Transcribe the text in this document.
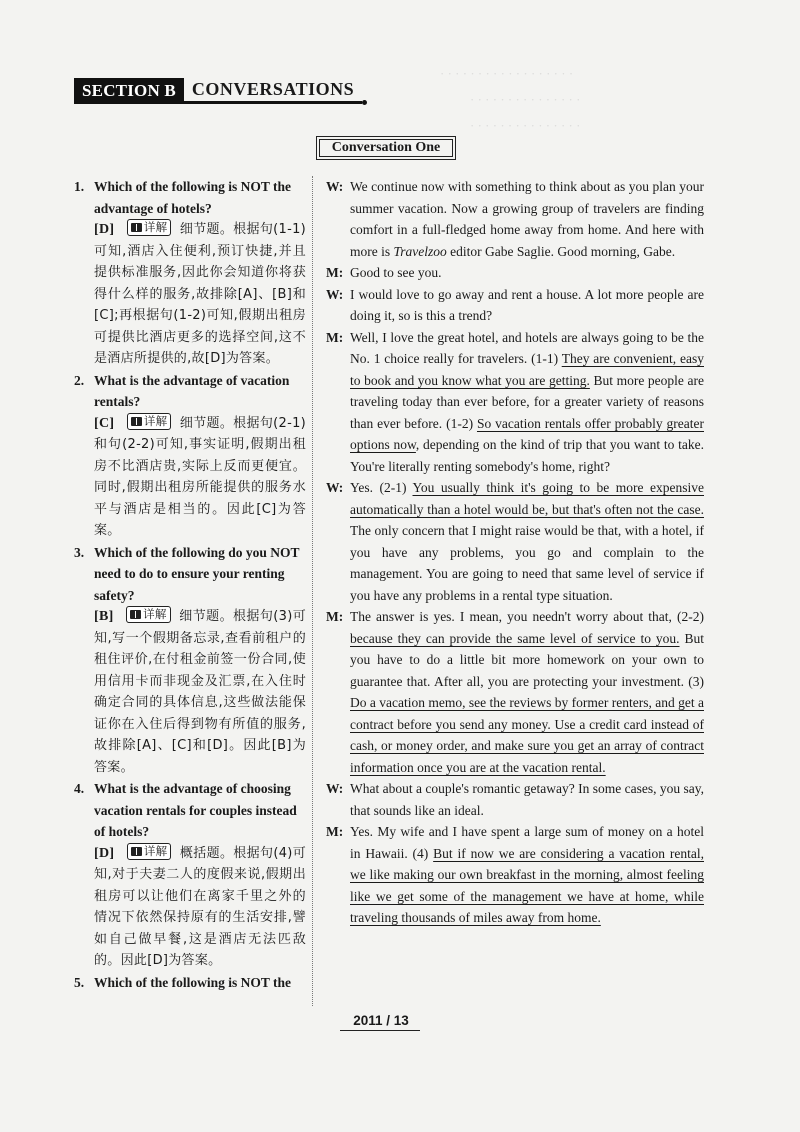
· · · · · · · · · · · · · · · · · ·
· · · · · · · · · · · · · · ·
· · · · · · · · · · · · · · ·
SECTION B CONVERSATIONS
Conversation One
1. Which of the following is NOT the advantage of hotels?
[D]	详解 细节题。根据句(1-1)可知,酒店入住便利,预订快捷,并且提供标准服务,因此你会知道你将获得什么样的服务,故排除[A]、[B]和[C];再根据句(1-2)可知,假期出租房可提供比酒店更多的选择空间,这不是酒店所提供的,故[D]为答案。
2. What is the advantage of vacation rentals?
[C]	详解 细节题。根据句(2-1)和句(2-2)可知,事实证明,假期出租房不比酒店贵,实际上反而更便宜。同时,假期出租房所能提供的服务水平与酒店是相当的。因此[C]为答案。
3. Which of the following do you NOT need to do to ensure your renting safety?
[B]	详解 细节题。根据句(3)可知,写一个假期备忘录,查看前租户的租住评价,在付租金前签一份合同,使用信用卡而非现金及汇票,在入住时确定合同的具体信息,这些做法能保证你在入住后得到物有所值的服务,故排除[A]、[C]和[D]。因此[B]为答案。
4. What is the advantage of choosing vacation rentals for couples instead of hotels?
[D]	详解 概括题。根据句(4)可知,对于夫妻二人的度假来说,假期出租房可以让他们在离家千里之外的情况下依然保持原有的生活安排,譬如自己做早餐,这是酒店无法匹敌的。因此[D]为答案。
5. Which of the following is NOT the
W: We continue now with something to think about as you plan your summer vacation. Now a growing group of travelers are finding comfort in a full-fledged home away from home. And here with more is Travelzoo editor Gabe Saglie. Good morning, Gabe.
M: Good to see you.
W: I would love to go away and rent a house. A lot more people are doing it, so is this a trend?
M: Well, I love the great hotel, and hotels are always going to be the No. 1 choice really for travelers. (1-1) They are convenient, easy to book and you know what you are getting. But more people are traveling today than ever before, for a greater variety of reasons than ever before. (1-2) So vacation rentals offer probably greater options now, depending on the kind of trip that you want to take. You're literally renting somebody's home, right?
W: Yes. (2-1) You usually think it's going to be more expensive automatically than a hotel would be, but that's often not the case. The only concern that I might raise would be that, with a hotel, if you have any problems, you go and complain to the management. You are going to need that same level of service if you have any problems in a rental type situation.
M: The answer is yes. I mean, you needn't worry about that, (2-2) because they can provide the same level of service to you. But you have to do a little bit more homework on your own to guarantee that. After all, you are protecting your investment. (3) Do a vacation memo, see the reviews by former renters, and get a contract before you send any money. Use a credit card instead of cash, or money order, and make sure you get an array of contract information once you are at the vacation rental.
W: What about a couple's romantic getaway? In some cases, you say, that sounds like an ideal.
M: Yes. My wife and I have spent a large sum of money on a hotel in Hawaii. (4) But if now we are considering a vacation rental, we like making our own breakfast in the morning, almost feeling like we get some of the management we have at home, while traveling thousands of miles away from home.
2011 / 13
